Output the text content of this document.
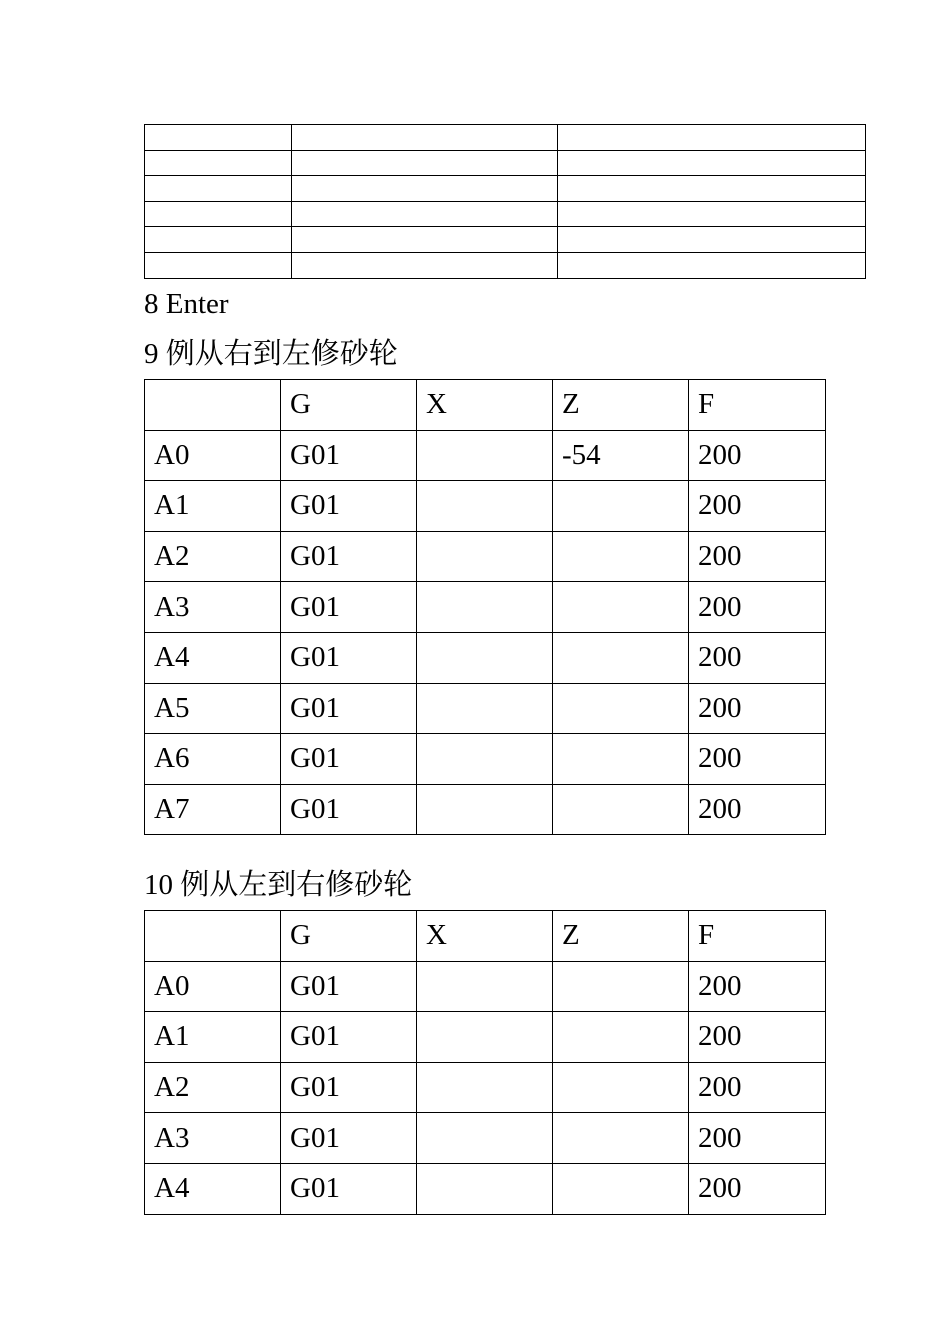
8 Enter
9 例从右到左修砂轮
	G	X	Z	F
A0	G01		-54	200
A1	G01			200
A2	G01			200
A3	G01			200
A4	G01			200
A5	G01			200
A6	G01			200
A7	G01			200
10 例从左到右修砂轮
	G	X	Z	F
A0	G01			200
A1	G01			200
A2	G01			200
A3	G01			200
A4	G01			200
